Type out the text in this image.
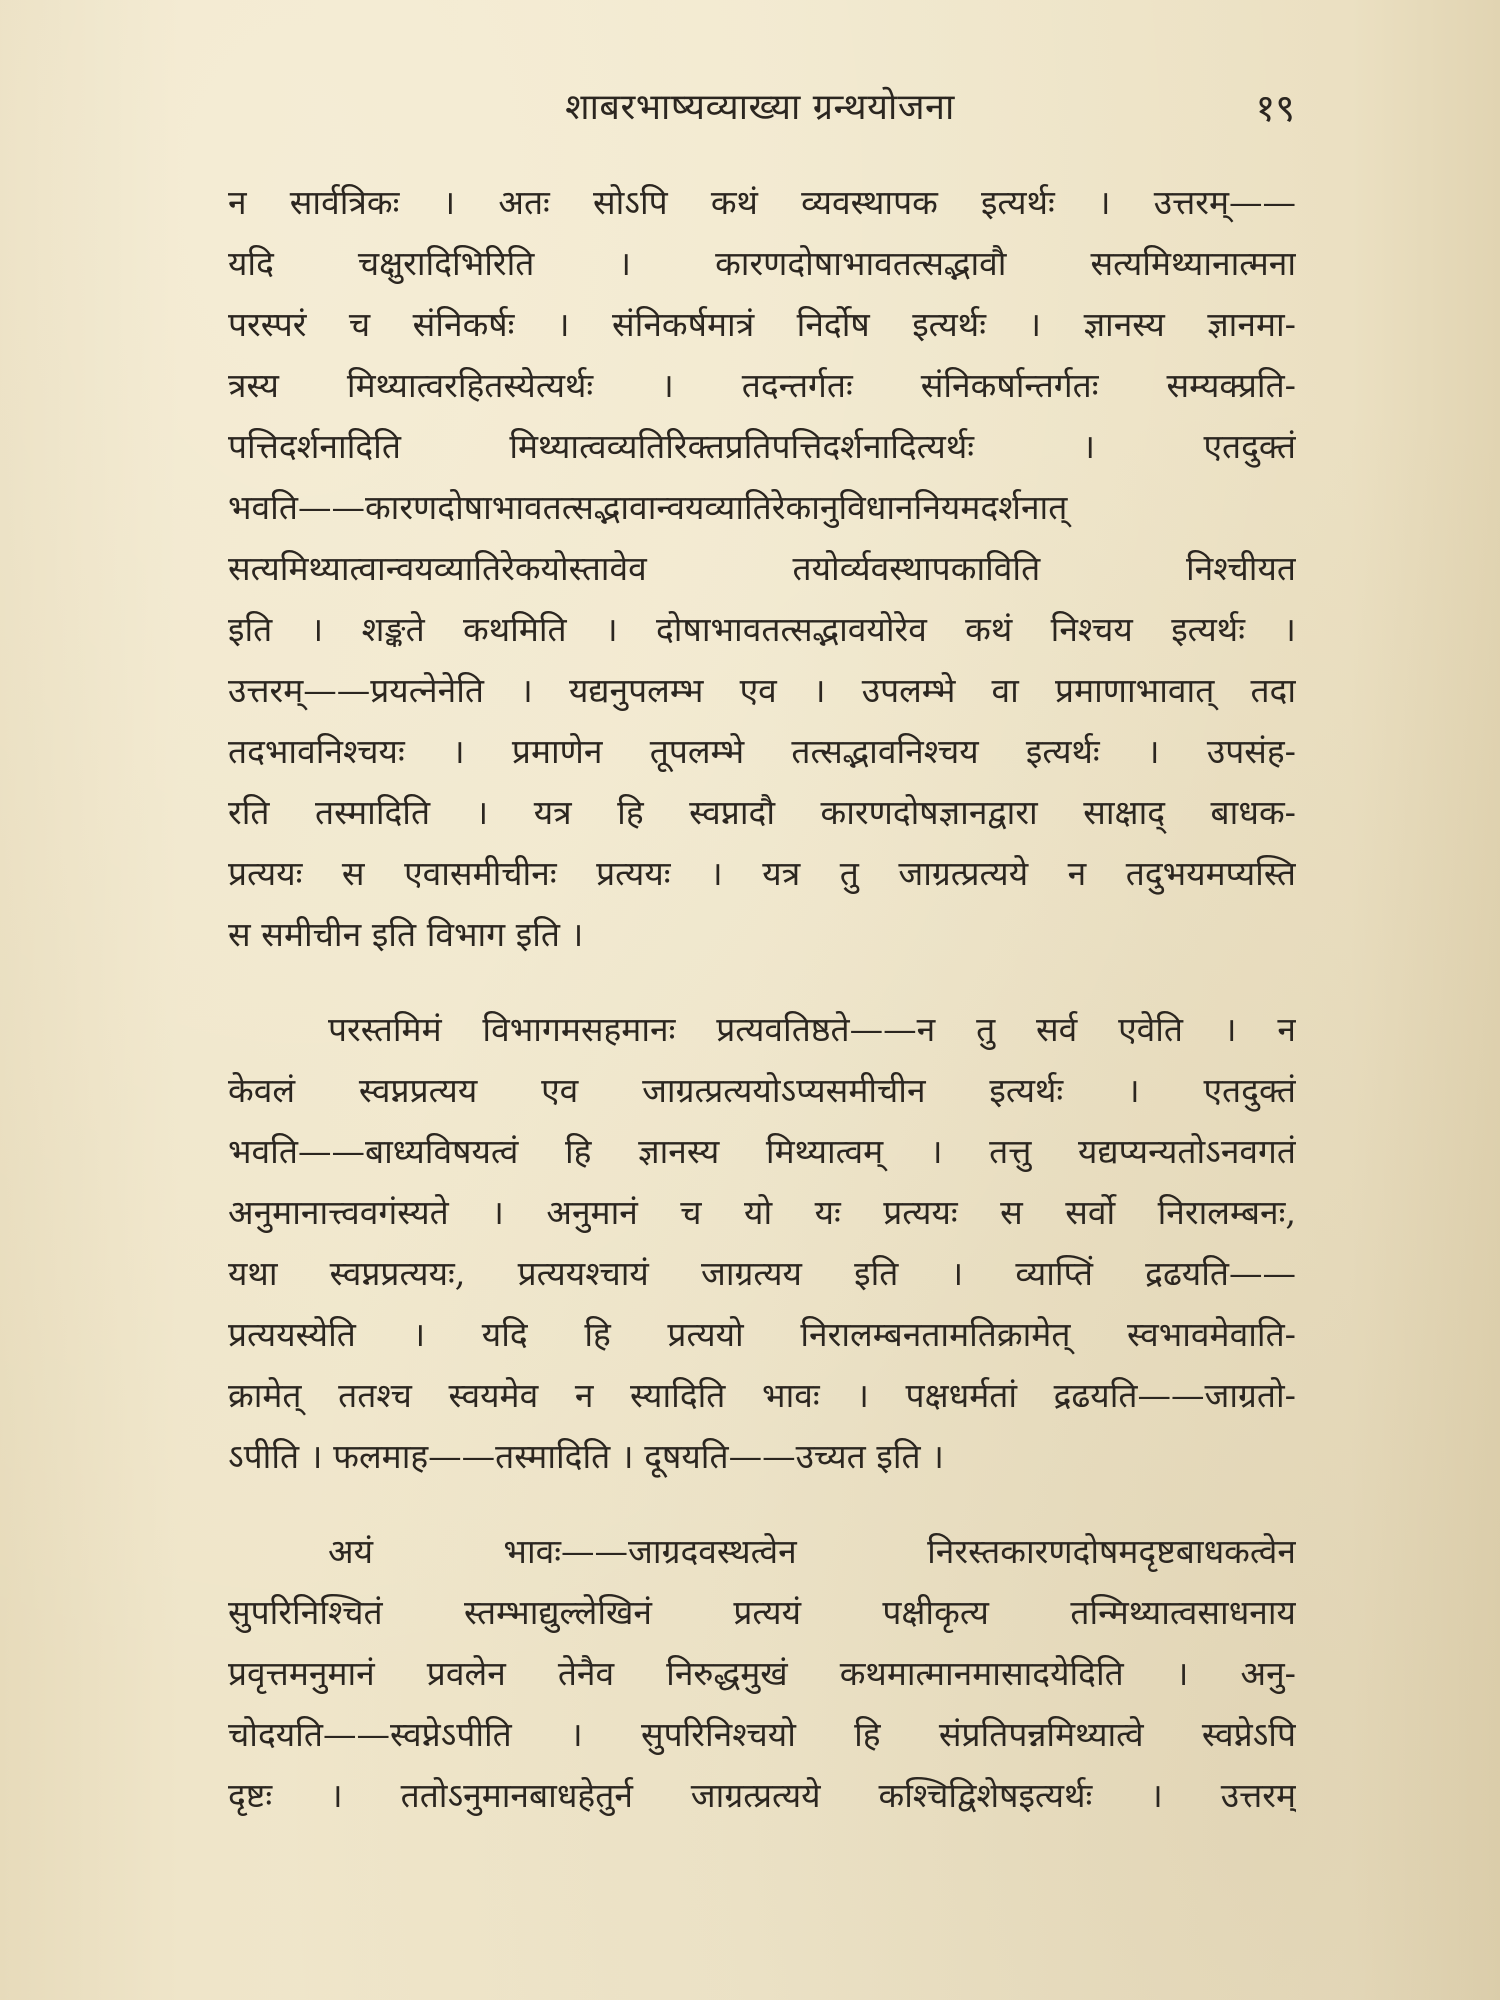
शाबरभाष्यव्याख्या ग्रन्थयोजना	१९
न सार्वत्रिकः । अतः सोऽपि कथं व्यवस्थापक इत्यर्थः । उत्तरम्——
यदि चक्षुरादिभिरिति । कारणदोषाभावतत्सद्भावौ सत्यमिथ्यानात्मना
परस्परं च संनिकर्षः । संनिकर्षमात्रं निर्दोष इत्यर्थः । ज्ञानस्य ज्ञानमा-
त्रस्य मिथ्यात्वरहितस्येत्यर्थः । तदन्तर्गतः संनिकर्षान्तर्गतः सम्यक्प्रति-
पत्तिदर्शनादिति मिथ्यात्वव्यतिरिक्तप्रतिपत्तिदर्शनादित्यर्थः । एतदुक्तं
भवति——कारणदोषाभावतत्सद्भावान्वयव्यातिरेकानुविधाननियमदर्शनात्
सत्यमिथ्यात्वान्वयव्यातिरेकयोस्तावेव तयोर्व्यवस्थापकाविति निश्चीयत
इति । शङ्कते कथमिति । दोषाभावतत्सद्भावयोरेव कथं निश्चय इत्यर्थः ।
उत्तरम्——प्रयत्नेनेति । यद्यनुपलम्भ एव । उपलम्भे वा प्रमाणाभावात् तदा
तदभावनिश्चयः । प्रमाणेन तूपलम्भे तत्सद्भावनिश्चय इत्यर्थः । उपसंह-
रति तस्मादिति । यत्र हि स्वप्नादौ कारणदोषज्ञानद्वारा साक्षाद् बाधक-
प्रत्ययः स एवासमीचीनः प्रत्ययः । यत्र तु जाग्रत्प्रत्यये न तदुभयमप्यस्ति
स समीचीन इति विभाग इति ।
परस्तमिमं विभागमसहमानः प्रत्यवतिष्ठते——न तु सर्व एवेति । न
केवलं स्वप्नप्रत्यय एव जाग्रत्प्रत्ययोऽप्यसमीचीन इत्यर्थः । एतदुक्तं
भवति——बाध्यविषयत्वं हि ज्ञानस्य मिथ्यात्वम् । तत्तु यद्यप्यन्यतोऽनवगतं
अनुमानात्त्ववगंस्यते । अनुमानं च यो यः प्रत्ययः स सर्वो निरालम्बनः,
यथा स्वप्नप्रत्ययः, प्रत्ययश्चायं जाग्रत्यय इति । व्याप्तिं द्रढयति——
प्रत्ययस्येति । यदि हि प्रत्ययो निरालम्बनतामतिक्रामेत् स्वभावमेवाति-
क्रामेत् ततश्च स्वयमेव न स्यादिति भावः । पक्षधर्मतां द्रढयति——जाग्रतो-
ऽपीति । फलमाह——तस्मादिति । दूषयति——उच्यत इति ।
अयं भावः——जाग्रदवस्थत्वेन निरस्तकारणदोषमदृष्टबाधकत्वेन
सुपरिनिश्चितं स्तम्भाद्युल्लेखिनं प्रत्ययं पक्षीकृत्य तन्मिथ्यात्वसाधनाय
प्रवृत्तमनुमानं प्रवलेन तेनैव निरुद्धमुखं कथमात्मानमासादयेदिति । अनु-
चोदयति——स्वप्नेऽपीति । सुपरिनिश्चयो हि संप्रतिपन्नमिथ्यात्वे स्वप्नेऽपि
दृष्टः । ततोऽनुमानबाधहेतुर्न जाग्रत्प्रत्यये कश्चिद्विशेषइत्यर्थः । उत्तरम्
